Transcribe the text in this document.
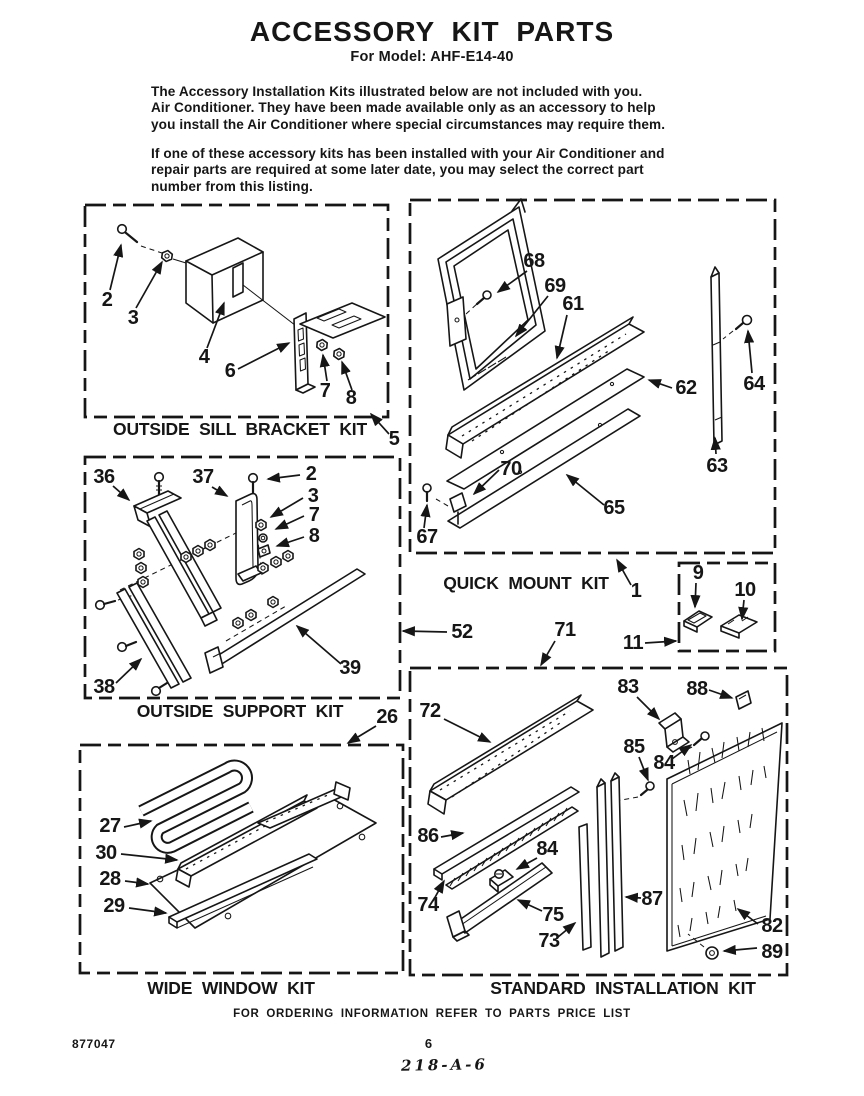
ACCESSORY KIT PARTS
For Model: AHF-E14-40
The Accessory Installation Kits illustrated below are not included with you.
Air Conditioner. They have been made available only as an accessory to help
you install the Air Conditioner where special circumstances may require them.
If one of these accessory kits has been installed with your Air Conditioner and
repair parts are required at some later date, you may select the correct part
number from this listing.
2
3
4
6
7 8
5
OUTSIDE SILL BRACKET KIT
68
69
61
62 64
63
70
65
67
1
QUICK MOUNT KIT	9
10
11
36	37	2
3
7
8
38
39
52
26
OUTSIDE SUPPORT KIT
27
30
28
29
WIDE WINDOW KIT
72
83 88
85
84
86
74
84
75
73
87
82
89
71
STANDARD INSTALLATION KIT
FOR ORDERING INFORMATION REFER TO PARTS PRICE LIST
877047	6
218-A-6
